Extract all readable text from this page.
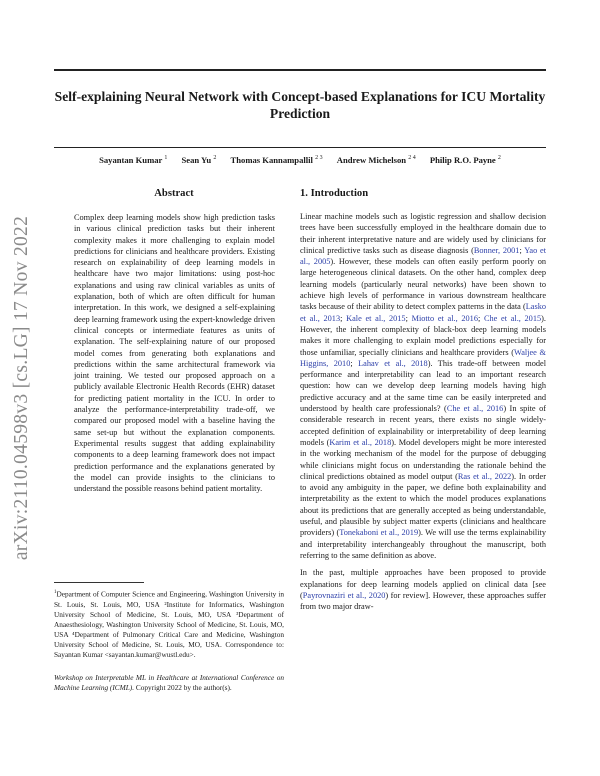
Self-explaining Neural Network with Concept-based Explanations for ICU Mortality Prediction
Sayantan Kumar $^1$ Sean Yu $^2$ Thomas Kannampallil $^{2 3}$ Andrew Michelson $^{2 4}$ Philip R.O. Payne $^2$
arXiv:2110.04598v3 [cs.LG] 17 Nov 2022
Abstract
Complex deep learning models show high prediction tasks in various clinical prediction tasks but their inherent complexity makes it more challenging to explain model predictions for clinicians and healthcare providers. Existing research on explainability of deep learning models in healthcare have two major limitations: using post-hoc explanations and using raw clinical variables as units of explanation, both of which are often difficult for human interpretation. In this work, we designed a self-explaining deep learning framework using the expert-knowledge driven clinical concepts or intermediate features as units of explanation. The self-explaining nature of our proposed model comes from generating both explanations and predictions within the same architectural framework via joint training. We tested our proposed approach on a publicly available Electronic Health Records (EHR) dataset for predicting patient mortality in the ICU. In order to analyze the performance-interpretability trade-off, we compared our proposed model with a baseline having the same set-up but without the explanation components. Experimental results suggest that adding explainability components to a deep learning framework does not impact prediction performance and the explanations generated by the model can provide insights to the clinicians to understand the possible reasons behind patient mortality.
1. Introduction

Linear machine models such as logistic regression and shallow decision trees have been successfully employed in the healthcare domain due to their inherent interpretative nature and are widely used by clinicians for clinical predictive tasks such as disease diagnosis (Bonner, 2001; Yao et al., 2005). However, these models can often easily perform poorly on large heterogeneous clinical datasets. On the other hand, complex deep learning models (particularly neural networks) have been shown to achieve high levels of performance in various downstream healthcare tasks because of their ability to detect complex patterns in the data (Lasko et al., 2013; Kale et al., 2015; Miotto et al., 2016; Che et al., 2015). However, the inherent complexity of black-box deep learning models makes it more challenging to explain model predictions especially for those unfamiliar, specially clinicians and healthcare providers (Waljee & Higgins, 2010; Lahav et al., 2018). This trade-off between model performance and interpretability can lead to an important research question: how can we develop deep learning models having high predictive accuracy and at the same time can be easily interpreted and understood by health care professionals? (Che et al., 2016) In spite of considerable research in recent years, there exists no single widely-accepted definition of explainability or interpretability of deep learning models (Karim et al., 2018). Model developers might be more interested in the working mechanism of the model for the purpose of debugging while clinicians might focus on understanding the rationale behind the clinical predictions obtained as model output (Ras et al., 2022). In order to avoid any ambiguity in the paper, we define both explainability and interpretability as the extent to which the model produces explanations about its predictions that are generally accepted as being understandable, useful, and plausible by subject matter experts (clinicians and healthcare providers) (Tonekaboni et al., 2019). We will use the terms explainability and interpretability interchangeably throughout the manuscript, both referring to the same definition as above.

In the past, multiple approaches have been proposed to provide explanations for deep learning models applied on clinical data [see (Payrovnaziri et al., 2020) for review]. However, these approaches suffer from two major draw-

$^1$Department of Computer Science and Engineering, Washington University in St. Louis, St. Louis, MO, USA ²Institute for Informatics, Washington University School of Medicine, St. Louis, MO, USA ³Department of Anaesthesiology, Washington University School of Medicine, St. Louis, MO, USA ⁴Department of Pulmonary Critical Care and Medicine, Washington University School of Medicine, St. Louis, MO, USA. Correspondence to: Sayantan Kumar <sayantan.kumar@wustl.edu>.
Workshop on Interpretable ML in Healthcare at International Conference on Machine Learning (ICML). Copyright 2022 by the author(s).
